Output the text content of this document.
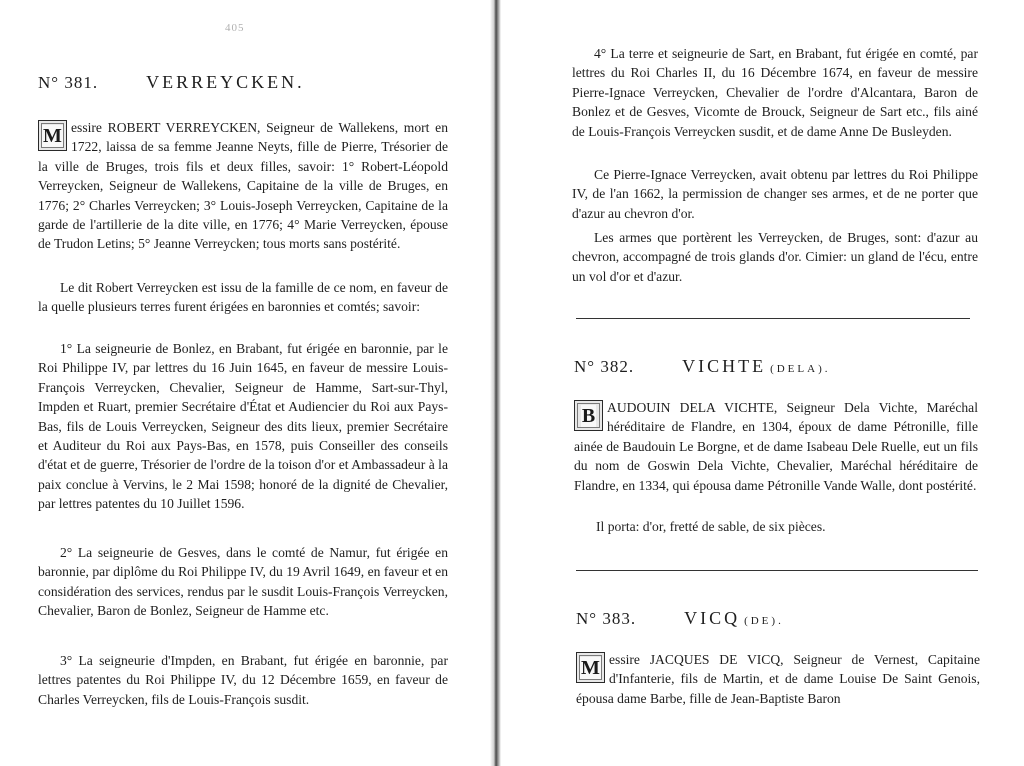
405
N° 381.	VERREYCKEN.
M essire ROBERT VERREYCKEN, Seigneur de Wallekens, mort en 1722, laissa de sa femme Jeanne Neyts, fille de Pierre, Trésorier de la ville de Bruges, trois fils et deux filles, savoir: 1° Robert-Léopold Verreycken, Seigneur de Wallekens, Capitaine de la ville de Bruges, en 1776; 2° Charles Verreycken; 3° Louis-Joseph Verreycken, Capitaine de la garde de l'artillerie de la dite ville, en 1776; 4° Marie Verreycken, épouse de Trudon Letins; 5° Jeanne Verreycken; tous morts sans postérité.
Le dit Robert Verreycken est issu de la famille de ce nom, en faveur de la quelle plusieurs terres furent érigées en baronnies et comtés; savoir:
1° La seigneurie de Bonlez, en Brabant, fut érigée en baronnie, par le Roi Philippe IV, par lettres du 16 Juin 1645, en faveur de messire Louis-François Verreycken, Chevalier, Seigneur de Hamme, Sart-sur-Thyl, Impden et Ruart, premier Secrétaire d'État et Audiencier du Roi aux Pays-Bas, fils de Louis Verreycken, Seigneur des dits lieux, premier Secrétaire et Auditeur du Roi aux Pays-Bas, en 1578, puis Conseiller des conseils d'état et de guerre, Trésorier de l'ordre de la toison d'or et Ambassadeur à la paix conclue à Vervins, le 2 Mai 1598; honoré de la dignité de Chevalier, par lettres patentes du 10 Juillet 1596.
2° La seigneurie de Gesves, dans le comté de Namur, fut érigée en baronnie, par diplôme du Roi Philippe IV, du 19 Avril 1649, en faveur et en considération des services, rendus par le susdit Louis-François Verreycken, Chevalier, Baron de Bonlez, Seigneur de Hamme etc.
3° La seigneurie d'Impden, en Brabant, fut érigée en baronnie, par lettres patentes du Roi Philippe IV, du 12 Décembre 1659, en faveur de Charles Verreycken, fils de Louis-François susdit.
4° La terre et seigneurie de Sart, en Brabant, fut érigée en comté, par lettres du Roi Charles II, du 16 Décembre 1674, en faveur de messire Pierre-Ignace Verreycken, Chevalier de l'ordre d'Alcantara, Baron de Bonlez et de Gesves, Vicomte de Brouck, Seigneur de Sart etc., fils ainé de Louis-François Verreycken susdit, et de dame Anne De Busleyden.
Ce Pierre-Ignace Verreycken, avait obtenu par lettres du Roi Philippe IV, de l'an 1662, la permission de changer ses armes, et de ne porter que d'azur au chevron d'or.
Les armes que portèrent les Verreycken, de Bruges, sont: d'azur au chevron, accompagné de trois glands d'or. Cimier: un gland de l'écu, entre un vol d'or et d'azur.
N° 382.	VICHTE (DELA).
B AUDOUIN DELA VICHTE, Seigneur Dela Vichte, Maréchal héréditaire de Flandre, en 1304, époux de dame Pétronille, fille ainée de Baudouin Le Borgne, et de dame Isabeau Dele Ruelle, eut un fils du nom de Goswin Dela Vichte, Chevalier, Maréchal héréditaire de Flandre, en 1334, qui épousa dame Pétronille Vande Walle, dont postérité.
Il porta: d'or, fretté de sable, de six pièces.
N° 383.	VICQ (DE).
M essire JACQUES DE VICQ, Seigneur de Vernest, Capitaine d'Infanterie, fils de Martin, et de dame Louise De Saint Genois, épousa dame Barbe, fille de Jean-Baptiste Baron
